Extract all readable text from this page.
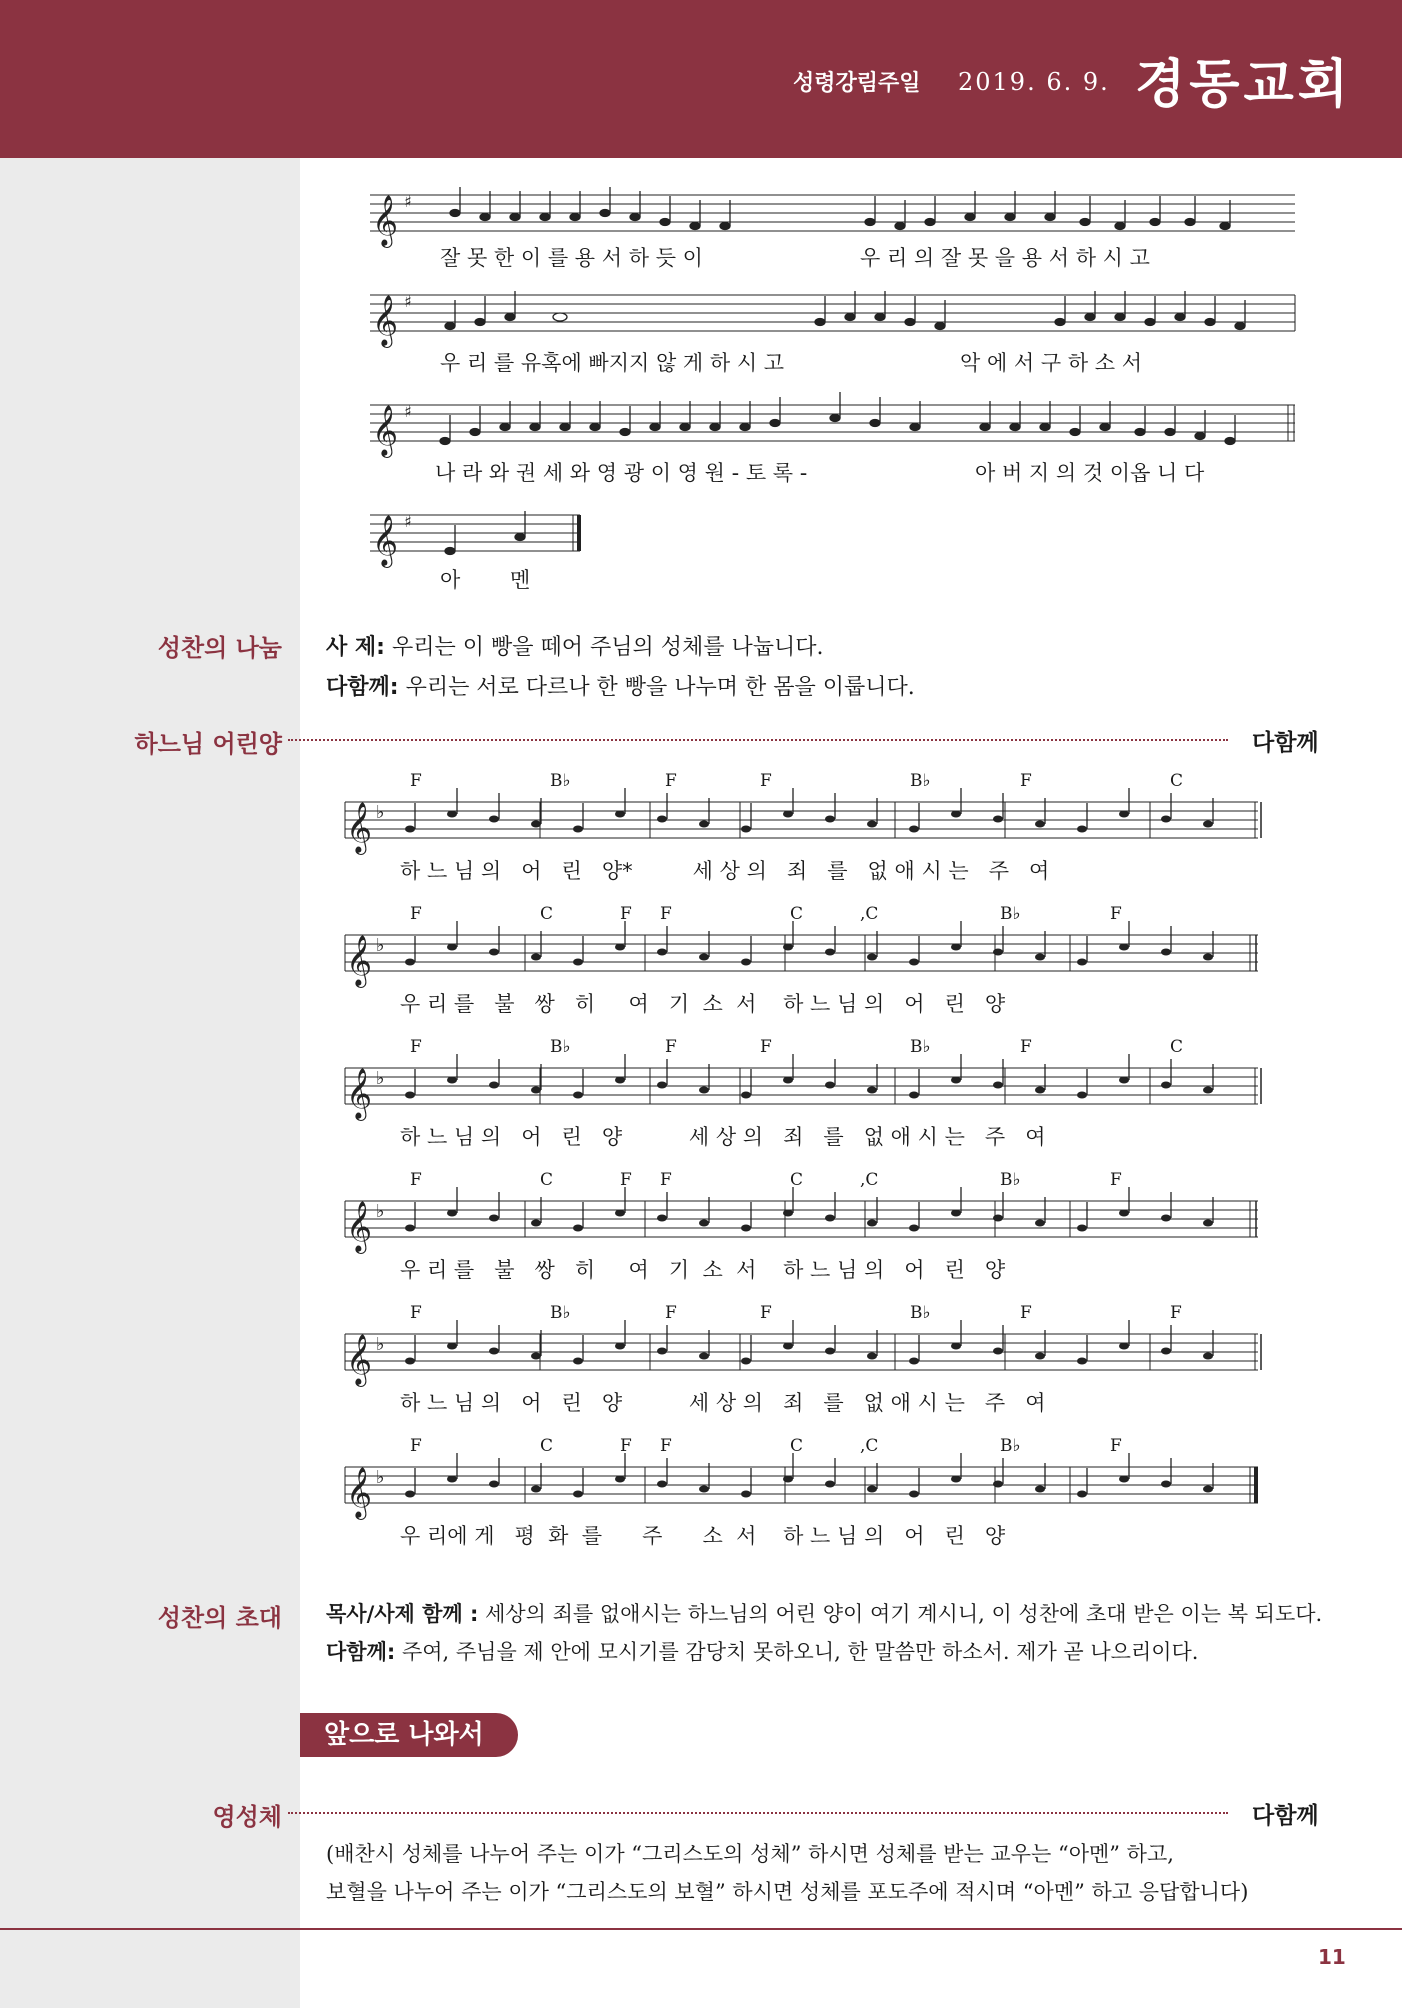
성령강림주일 2019. 6. 9. 경동교회
𝄞
𝄞
𝄞
𝄞
♯
♯
♯
♯
잘 못 한 이 를 용 서 하 듯 이	우 리 의 잘 못 을 용 서 하 시 고
우 리 를 유혹에 빠지지 않 게 하 시 고	악 에 서 구 하 소 서
나 라 와 권 세 와 영 광 이 영 원 - 토 록 -	아 버 지 의 것 이옵 니 다
아 멘
성찬의 나눔 사 제: 우리는 이 빵을 떼어 주님의 성체를 나눕니다.
다함께: 우리는 서로 다르나 한 빵을 나누며 한 몸을 이룹니다.
하느님 어린양	다함께
𝄞 ♭
F	B♭	F	F	B♭	F	C
하 느 님 의   어   린   양*         세 상 의   죄   를   없 애 시 는   주   여
𝄞 ♭
F	C	F F	C	,C	B♭	F
우 리 를   불   쌍   히     여   기  소  서    하 느 님 의   어   린   양
𝄞 ♭
F	B♭	F	F	B♭	F	C
하 느 님 의   어   린   양          세 상 의   죄   를   없 애 시 는   주   여
𝄞 ♭
F	C	F F	C	,C	B♭	F
우 리 를   불   쌍   히     여   기  소  서    하 느 님 의   어   린   양
𝄞 ♭
F	B♭	F	F	B♭	F	F
하 느 님 의   어   린   양          세 상 의   죄   를   없 애 시 는   주   여
𝄞 ♭
F	C	F F	C	,C	B♭	F
우 리에 게   평  화  를      주      소  서    하 느 님 의   어   린   양
성찬의 초대 목사/사제 함께 : 세상의 죄를 없애시는 하느님의 어린 양이 여기 계시니, 이 성찬에 초대 받은 이는 복 되도다.
다함께: 주여, 주님을 제 안에 모시기를 감당치 못하오니, 한 말씀만 하소서. 제가 곧 나으리이다.
앞으로 나와서
영성체	다함께
(배찬시 성체를 나누어 주는 이가 “그리스도의 성체” 하시면 성체를 받는 교우는 “아멘” 하고,
보혈을 나누어 주는 이가 “그리스도의 보혈” 하시면 성체를 포도주에 적시며 “아멘” 하고 응답합니다)
11
